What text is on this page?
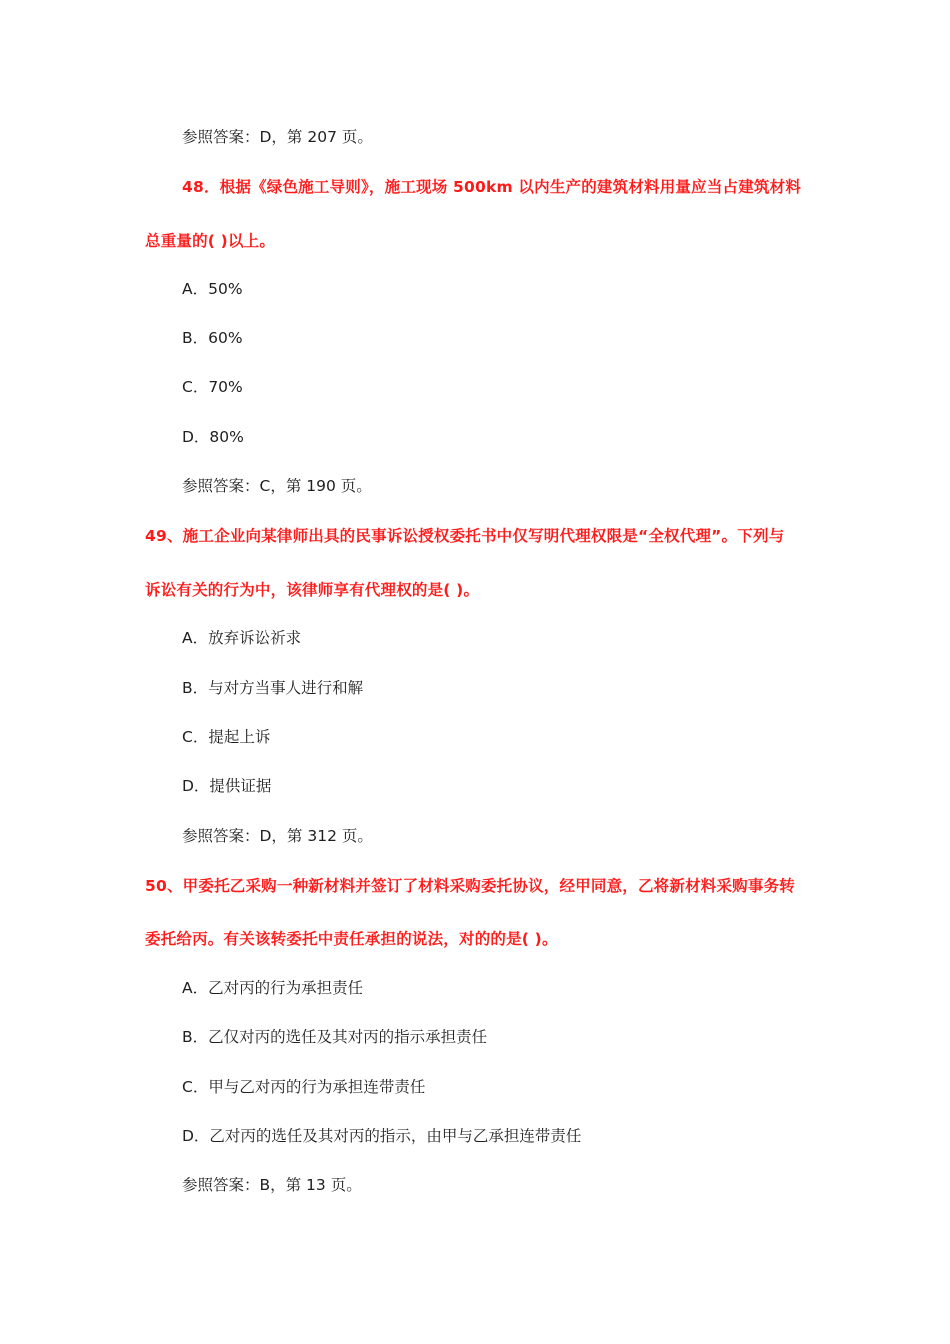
参照答案：D，第 207 页。

48．根据《绿色施工导则》，施工现场 500km 以内生产的建筑材料用量应当占建筑材料

总重量的( )以上。

A．50%

B．60%

C．70%

D．80%

参照答案：C，第 190 页。

49、施工企业向某律师出具的民事诉讼授权委托书中仅写明代理权限是“全权代理”。下列与

诉讼有关的行为中，该律师享有代理权的是( )。

A．放弃诉讼祈求

B．与对方当事人进行和解

C．提起上诉

D．提供证据

参照答案：D，第 312 页。

50、甲委托乙采购一种新材料并签订了材料采购委托协议，经甲同意，乙将新材料采购事务转

委托给丙。有关该转委托中责任承担的说法，对的的是( )。

A．乙对丙的行为承担责任

B．乙仅对丙的选任及其对丙的指示承担责任

C．甲与乙对丙的行为承担连带责任

D．乙对丙的选任及其对丙的指示，由甲与乙承担连带责任

参照答案：B，第 13 页。
